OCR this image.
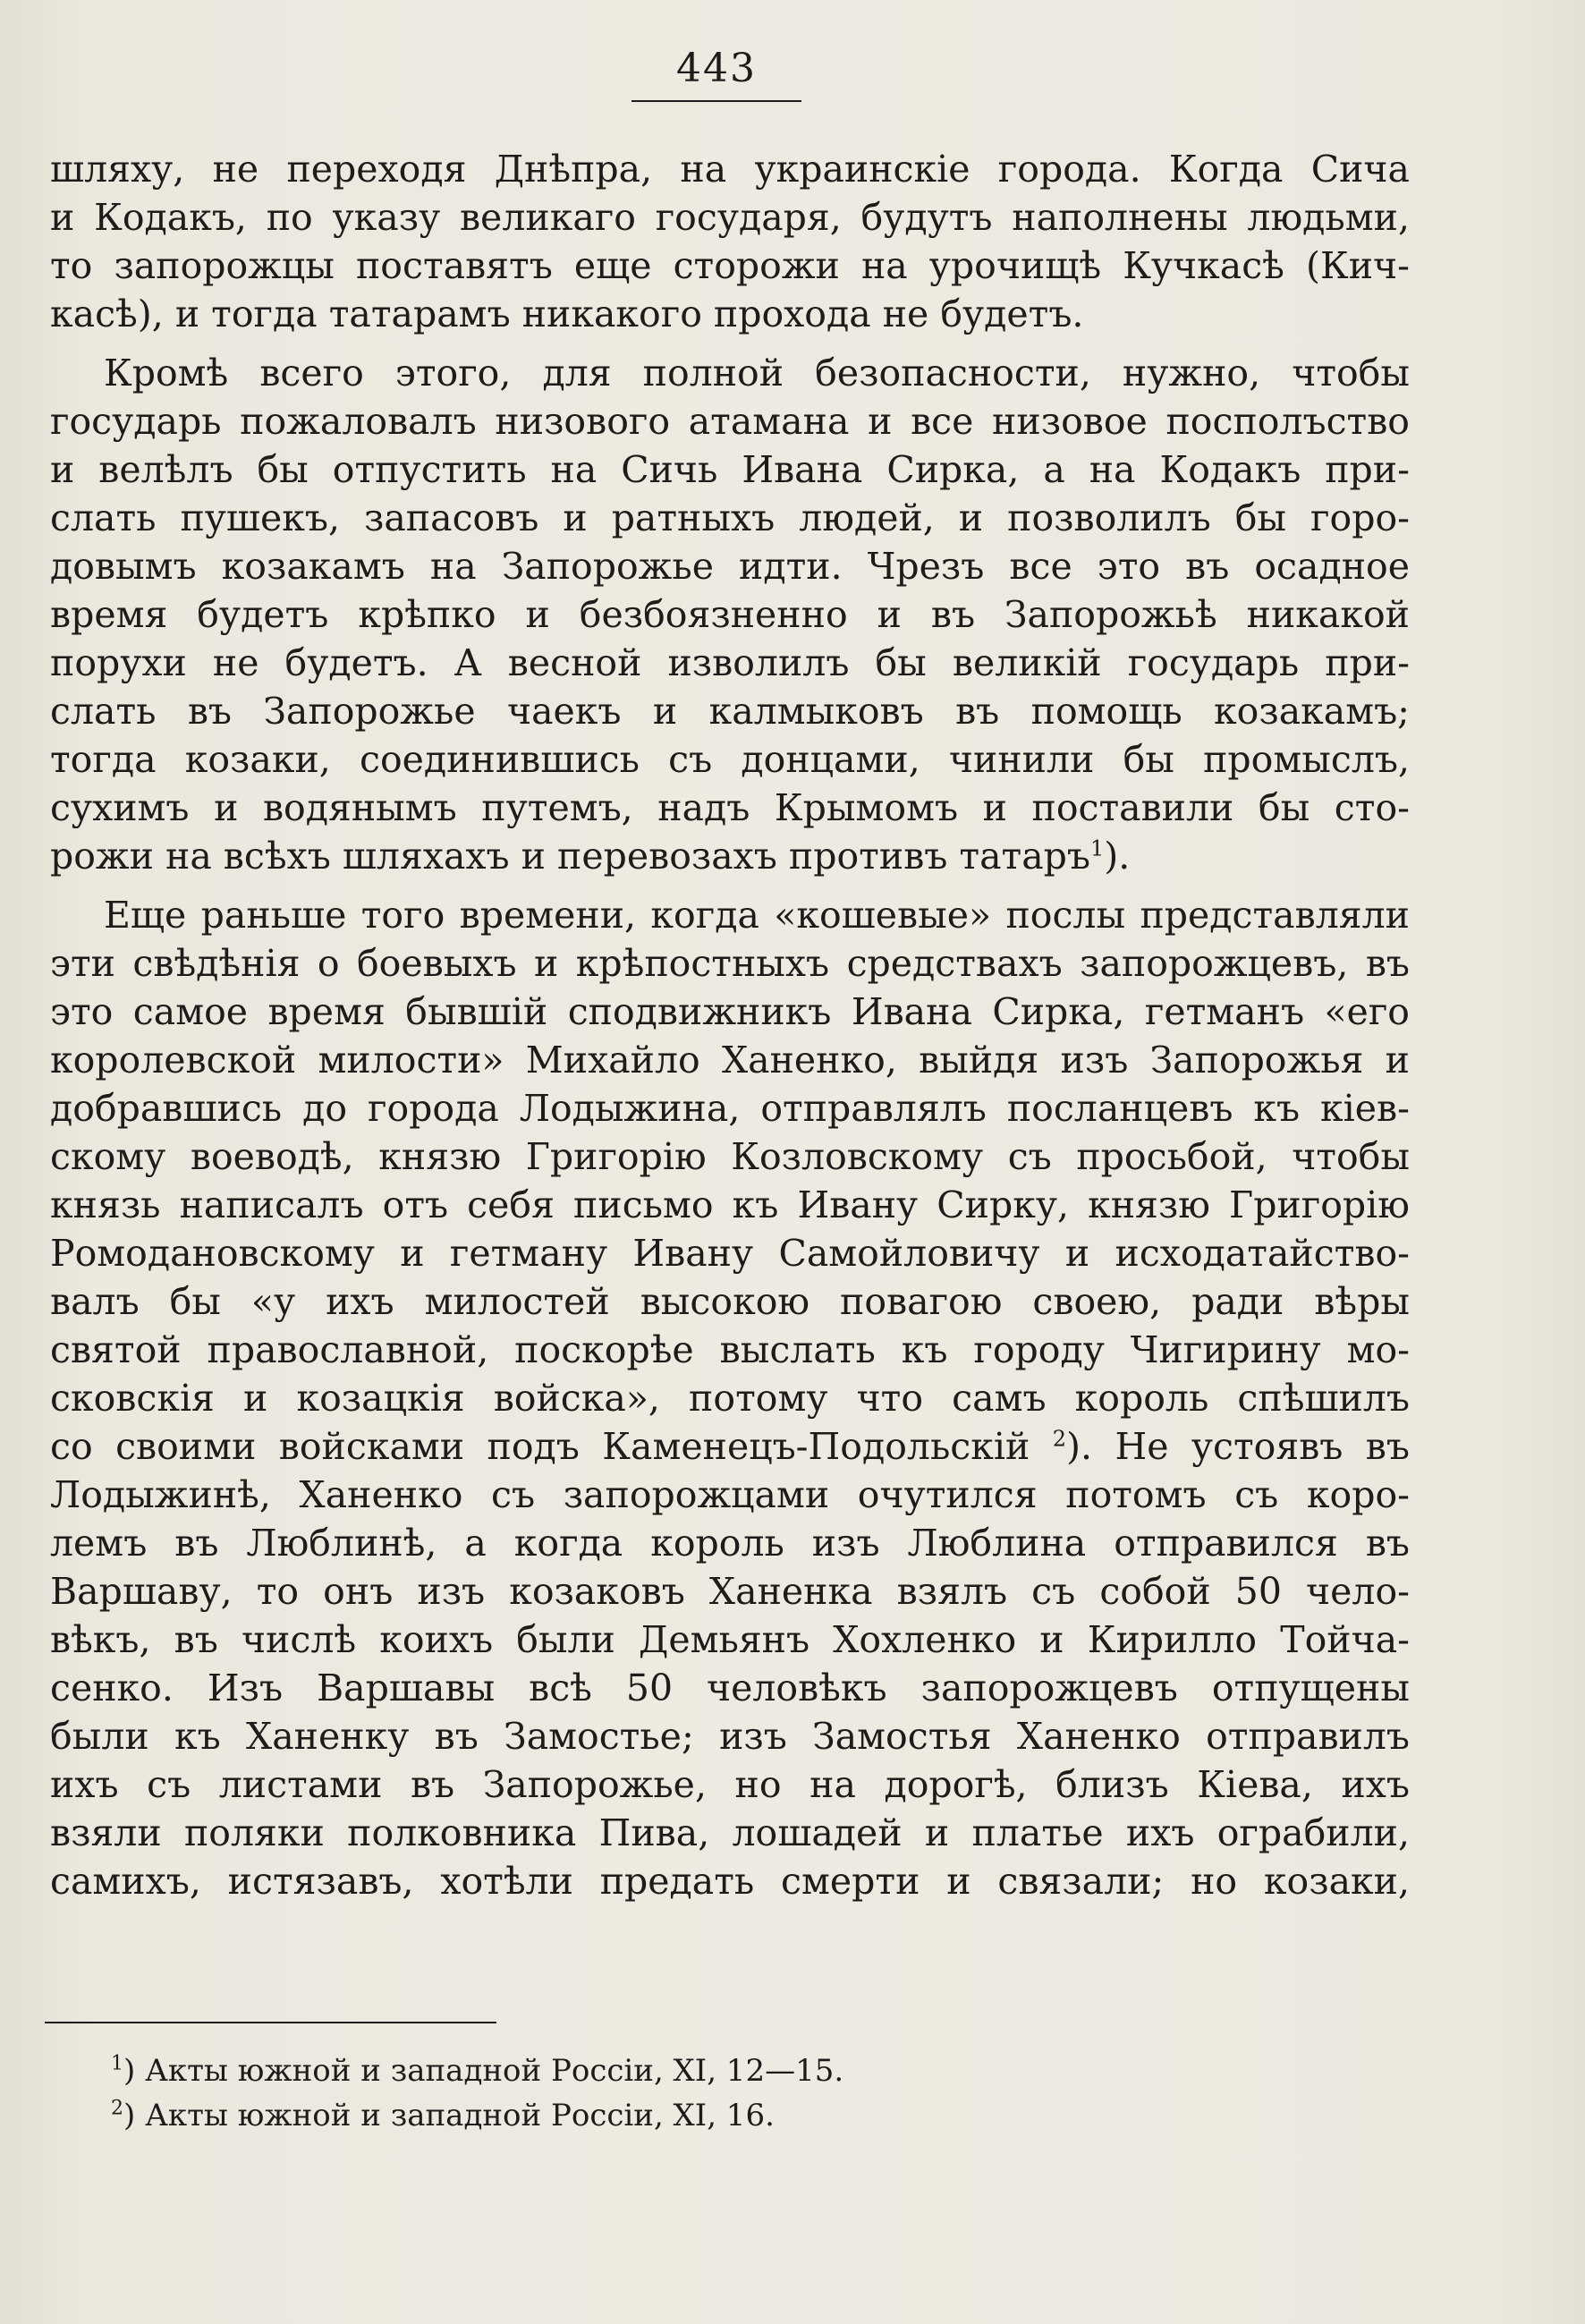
443
шляху, не переходя Днѣпра, на украинскіе города. Когда Сича
и Кодакъ, по указу великаго государя, будутъ наполнены людьми,
то запорожцы поставятъ еще сторожи на урочищѣ Кучкасѣ (Кич-
касѣ), и тогда татарамъ никакого прохода не будетъ.
Кромѣ всего этого, для полной безопасности, нужно, чтобы
государь пожаловалъ низового атамана и все низовое посполъство
и велѣлъ бы отпустить на Сичь Ивана Сирка, а на Кодакъ при-
слать пушекъ, запасовъ и ратныхъ людей, и позволилъ бы горо-
довымъ козакамъ на Запорожье идти. Чрезъ все это въ осадное
время будетъ крѣпко и безбоязненно и въ Запорожьѣ никакой
порухи не будетъ. А весной изволилъ бы великій государь при-
слать въ Запорожье чаекъ и калмыковъ въ помощь козакамъ;
тогда козаки, соединившись съ донцами, чинили бы промыслъ,
сухимъ и водянымъ путемъ, надъ Крымомъ и поставили бы сто-
рожи на всѣхъ шляхахъ и перевозахъ противъ татаръ$^1$).
Еще раньше того времени, когда «кошевые» послы представляли
эти свѣдѣнія о боевыхъ и крѣпостныхъ средствахъ запорожцевъ, въ
это самое время бывшій сподвижникъ Ивана Сирка, гетманъ «его
королевской милости» Михайло Ханенко, выйдя изъ Запорожья и
добравшись до города Лодыжина, отправлялъ посланцевъ къ кіев-
скому воеводѣ, князю Григорію Козловскому съ просьбой, чтобы
князь написалъ отъ себя письмо къ Ивану Сирку, князю Григорію
Ромодановскому и гетману Ивану Самойловичу и исходатайство-
валъ бы «у ихъ милостей высокою повагою своею, ради вѣры
святой православной, поскорѣе выслать къ городу Чигирину мо-
сковскія и козацкія войска», потому что самъ король спѣшилъ
со своими войсками подъ Каменецъ-Подольскій $^2$). Не устоявъ въ
Лодыжинѣ, Ханенко съ запорожцами очутился потомъ съ коро-
лемъ въ Люблинѣ, а когда король изъ Люблина отправился въ
Варшаву, то онъ изъ козаковъ Ханенка взялъ съ собой 50 чело-
вѣкъ, въ числѣ коихъ были Демьянъ Хохленко и Кирилло Тойча-
сенко. Изъ Варшавы всѣ 50 человѣкъ запорожцевъ отпущены
были къ Ханенку въ Замостье; изъ Замостья Ханенко отправилъ
ихъ съ листами въ Запорожье, но на дорогѣ, близъ Кіева, ихъ
взяли поляки полковника Пива, лошадей и платье ихъ ограбили,
самихъ, истязавъ, хотѣли предать смерти и связали; но козаки,
$^1$) Акты южной и западной Россіи, XI, 12—15.
$^2$) Акты южной и западной Россіи, XI, 16.
